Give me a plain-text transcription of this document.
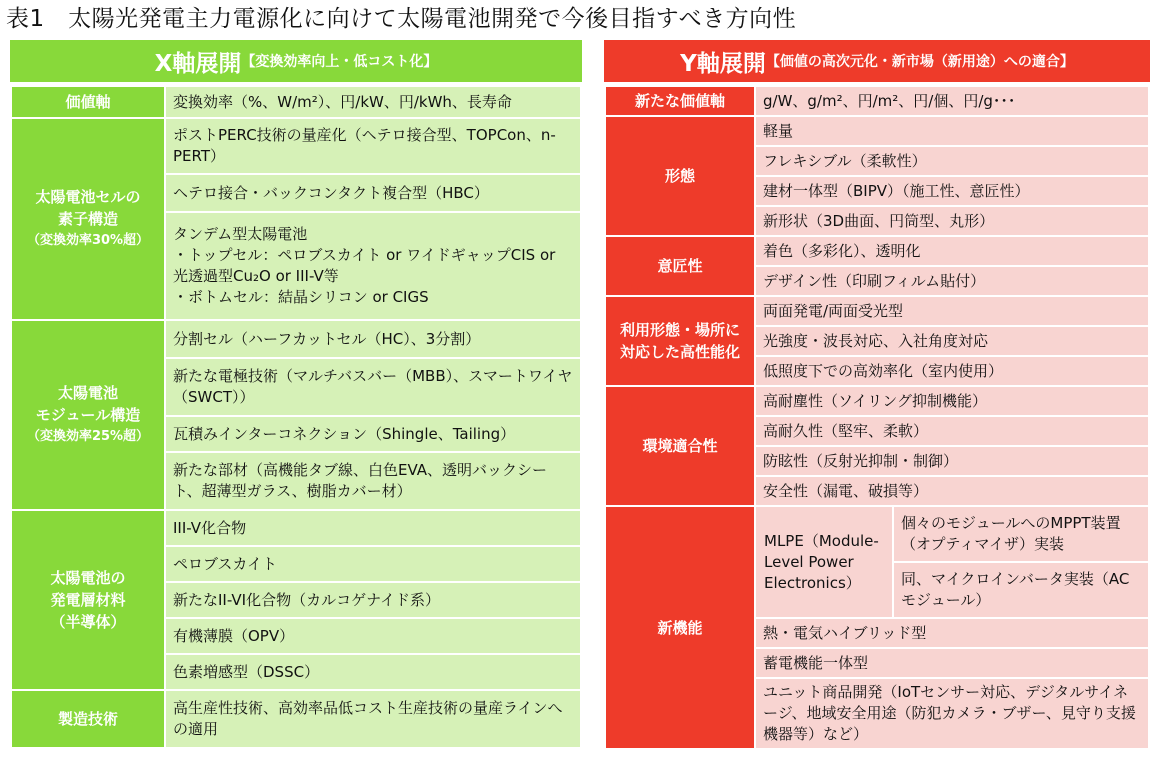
表1　太陽光発電主力電源化に向けて太陽電池開発で今後目指すべき方向性
X軸展開 【変換効率向上・低コスト化】
価値軸	変換効率（%、W/m²）、円/kW、円/kWh、長寿命

太陽電池セルの
素子構造
（変換効率30%超）	ポストPERC技術の量産化（ヘテロ接合型、TOPCon、n-PERT）
	ヘテロ接合・バックコンタクト複合型（HBC）

	タンデム型太陽電池
・トップセル：ペロブスカイト or ワイドギャップCIS or 光透過型Cu₂O or III-V等
・ボトムセル：結晶シリコン or CIGS

太陽電池
モジュール構造
（変換効率25%超）	分割セル（ハーフカットセル（HC）、3分割）
	新たな電極技術（マルチバスバー（MBB）、スマートワイヤ（SWCT））
	瓦積みインターコネクション（Shingle、Tailing）
	新たな部材（高機能タブ線、白色EVA、透明バックシート、超薄型ガラス、樹脂カバー材）

太陽電池の
発電層材料
（半導体）	III-V化合物
	ペロブスカイト
	新たなII-VI化合物（カルコゲナイド系）
	有機薄膜（OPV）
	色素増感型（DSSC）
製造技術	高生産性技術、高効率品低コスト生産技術の量産ラインへの適用
Y軸展開 【価値の高次元化・新市場（新用途）への適合】
新たな価値軸	g/W、g/m²、円/m²、円/個、円/g･･･	
形態	軽量	
	フレキシブル（柔軟性）	
	建材一体型（BIPV）（施工性、意匠性）	
	新形状（3D曲面、円筒型、丸形）	
意匠性	着色（多彩化）、透明化	
	デザイン性（印刷フィルム貼付）	

利用形態・場所に
対応した高性能化	両面発電/両面受光型	
	光強度・波長対応、入社角度対応	
	低照度下での高効率化（室内使用）	
環境適合性	高耐塵性（ソイリング抑制機能）	
	高耐久性（堅牢、柔軟）	
	防眩性（反射光抑制・制御）	
	安全性（漏電、破損等）	
新機能	MLPE（Module-Level Power Electronics）	個々のモジュールへのMPPT装置（オプティマイザ）実装
		同、マイクロインバータ実装（ACモジュール）
	熱・電気ハイブリッド型	
	蓄電機能一体型	
	ユニット商品開発（IoTセンサー対応、デジタルサイネージ、地域安全用途（防犯カメラ・ブザー、見守り支援機器等）など）	
